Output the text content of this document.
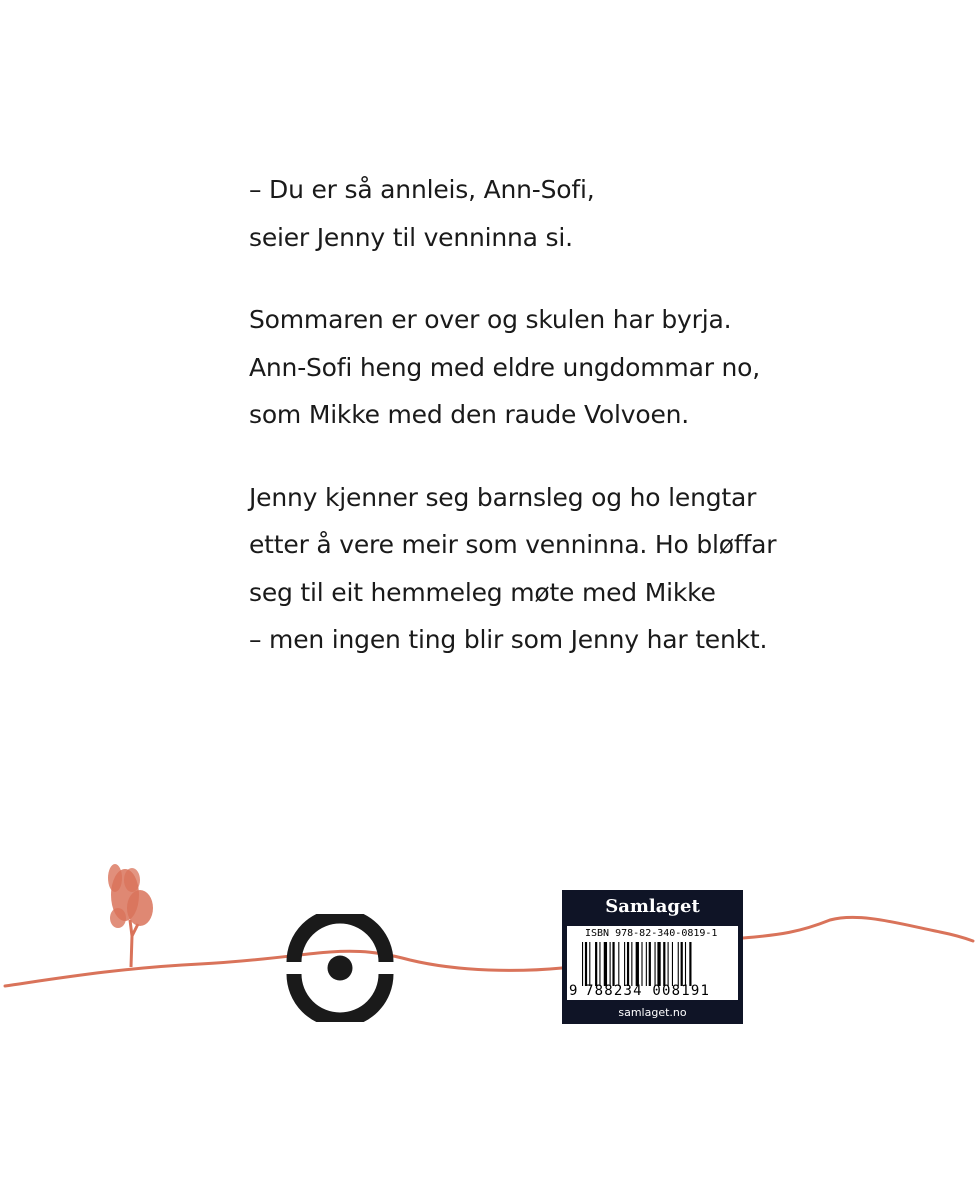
– Du er så annleis, Ann-Sofi,
seier Jenny til venninna si.

Sommaren er over og skulen har byrja.
Ann-Sofi heng med eldre ungdommar no,
som Mikke med den raude Volvoen.

Jenny kjenner seg barnsleg og ho lengtar
etter å vere meir som venninna. Ho bløffar
seg til eit hemmeleg møte med Mikke
– men ingen ting blir som Jenny har tenkt.

Samlaget
ISBN 978-82-340-0819-1
9 788234 008191
samlaget.no
